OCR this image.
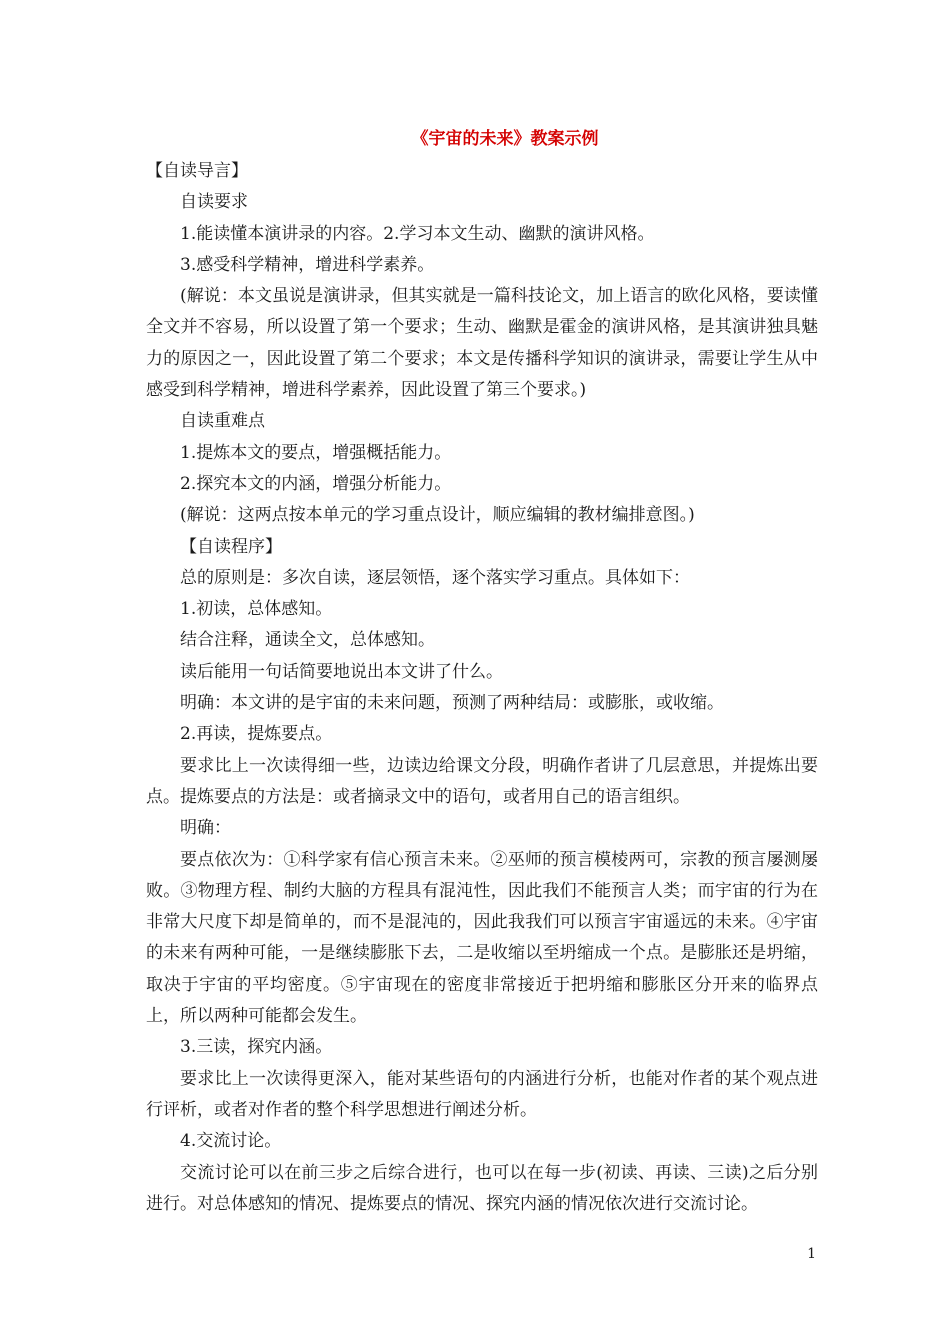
《宇宙的未来》教案示例

【自读导言】

自读要求

1.能读懂本演讲录的内容。2.学习本文生动、幽默的演讲风格。

3.感受科学精神，增进科学素养。

(解说：本文虽说是演讲录，但其实就是一篇科技论文，加上语言的欧化风格，要读懂全文并不容易，所以设置了第一个要求；生动、幽默是霍金的演讲风格，是其演讲独具魅力的原因之一，因此设置了第二个要求；本文是传播科学知识的演讲录，需要让学生从中感受到科学精神，增进科学素养，因此设置了第三个要求。)

自读重难点

1.提炼本文的要点，增强概括能力。

2.探究本文的内涵，增强分析能力。

(解说：这两点按本单元的学习重点设计，顺应编辑的教材编排意图。)

【自读程序】

总的原则是：多次自读，逐层领悟，逐个落实学习重点。具体如下：

1.初读，总体感知。

结合注释，通读全文，总体感知。

读后能用一句话简要地说出本文讲了什么。

明确：本文讲的是宇宙的未来问题，预测了两种结局：或膨胀，或收缩。

2.再读，提炼要点。

要求比上一次读得细一些，边读边给课文分段，明确作者讲了几层意思，并提炼出要点。提炼要点的方法是：或者摘录文中的语句，或者用自己的语言组织。

明确：

要点依次为：①科学家有信心预言未来。②巫师的预言模棱两可，宗教的预言屡测屡败。③物理方程、制约大脑的方程具有混沌性，因此我们不能预言人类；而宇宙的行为在非常大尺度下却是简单的，而不是混沌的，因此我我们可以预言宇宙遥远的未来。④宇宙的未来有两种可能，一是继续膨胀下去，二是收缩以至坍缩成一个点。是膨胀还是坍缩，取决于宇宙的平均密度。⑤宇宙现在的密度非常接近于把坍缩和膨胀区分开来的临界点上，所以两种可能都会发生。

3.三读，探究内涵。

要求比上一次读得更深入，能对某些语句的内涵进行分析，也能对作者的某个观点进行评析，或者对作者的整个科学思想进行阐述分析。

4.交流讨论。

交流讨论可以在前三步之后综合进行，也可以在每一步(初读、再读、三读)之后分别进行。对总体感知的情况、提炼要点的情况、探究内涵的情况依次进行交流讨论。

1
